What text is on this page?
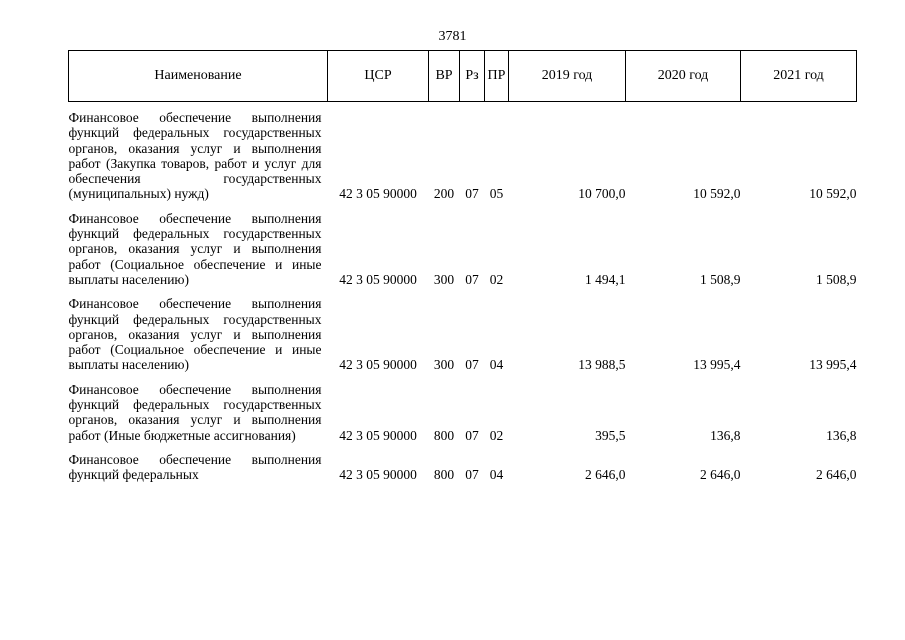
3781
Наименование	ЦСР	ВР	Рз	ПР	2019 год	2020 год	2021 год
Финансовое обеспечение выполнения функций федеральных государственных органов, оказания услуг и выполнения работ (Закупка товаров, работ и услуг для обеспечения государственных (муниципальных) нужд)	42 3 05 90000	200	07	05	10 700,0	10 592,0	10 592,0
Финансовое обеспечение выполнения функций федеральных государственных органов, оказания услуг и выполнения работ (Социальное обеспечение и иные выплаты населению)	42 3 05 90000	300	07	02	1 494,1	1 508,9	1 508,9
Финансовое обеспечение выполнения функций федеральных государственных органов, оказания услуг и выполнения работ (Социальное обеспечение и иные выплаты населению)	42 3 05 90000	300	07	04	13 988,5	13 995,4	13 995,4
Финансовое обеспечение выполнения функций федеральных государственных органов, оказания услуг и выполнения работ (Иные бюджетные ассигнования)	42 3 05 90000	800	07	02	395,5	136,8	136,8
Финансовое обеспечение выполнения функций федеральных	42 3 05 90000	800	07	04	2 646,0	2 646,0	2 646,0
